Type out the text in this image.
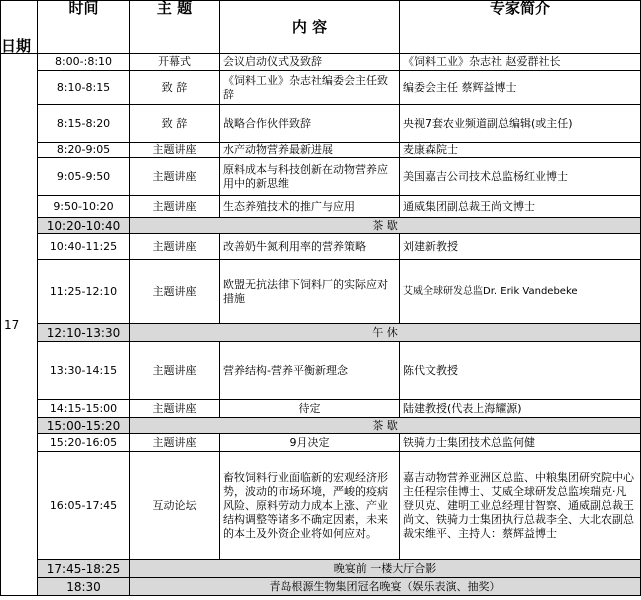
日期	时间	主 题	内 容	专家简介
17	8:00-:8:10	开幕式	会议启动仪式及致辞	《饲料工业》杂志社 赵爱群社长
	8:10-8:15	致 辞	《饲料工业》杂志社编委会主任致辞	编委会主任 蔡辉益博士
	8:15-8:20	致 辞	战略合作伙伴致辞	央视7套农业频道副总编辑(或主任)
	8:20-9:05	主题讲座	水产动物营养最新进展	麦康森院士
	9:05-9:50	主题讲座	原料成本与科技创新在动物营养应用中的新思维	美国嘉吉公司技术总监杨红业博士
	9:50-10:20	主题讲座	生态养殖技术的推广与应用	通威集团副总裁王尚文博士
	10:20-10:40	茶 歇		
	10:40-11:25	主题讲座	改善奶牛氮利用率的营养策略	刘建新教授
	11:25-12:10	主题讲座	欧盟无抗法律下饲料厂的实际应对措施	艾威全球研发总监Dr. Erik Vandebeke
	12:10-13:30	午 休		
	13:30-14:15	主题讲座	营养结构-营养平衡新理念	陈代文教授
	14:15-15:00	主题讲座	待定	陆建教授(代表上海耀源)
	15:00-15:20	茶 歇		
	15:20-16:05	主题讲座	9月决定	铁骑力士集团技术总监何健
	16:05-17:45	互动论坛	畜牧饲料行业面临新的宏观经济形势，波动的市场环境，严峻的疫病风险、原料劳动力成本上涨、产业结构调整等诸多不确定因素，未来的本土及外资企业将如何应对。	嘉吉动物营养亚洲区总监、中粮集团研究院中心主任程宗佳博士、艾威全球研发总监埃瑞克·凡登贝克、建明工业总经理甘智察、通威副总裁王尚文、铁骑力士集团执行总裁李全、大北农副总裁宋维平、主持人：蔡辉益博士
	17:45-18:25	晚宴前 一楼大厅合影		
	18:30	青岛根源生物集团冠名晚宴（娱乐表演、抽奖）		
